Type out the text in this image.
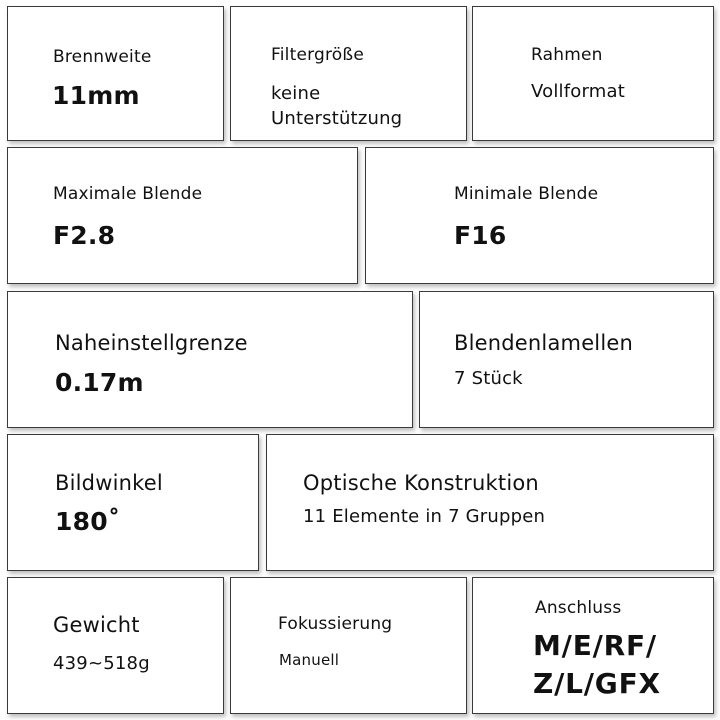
Brennweite
11mm
Filtergröße
keine Unterstützung
Rahmen
Vollformat
Maximale Blende
F2.8
Minimale Blende
F16
Naheinstellgrenze
0.17m
Blendenlamellen
7 Stück
Bildwinkel
180˚
Optische Konstruktion
11 Elemente in 7 Gruppen
Gewicht
439~518g
Fokussierung
Manuell
Anschluss
M/E/RF/
Z/L/GFX
